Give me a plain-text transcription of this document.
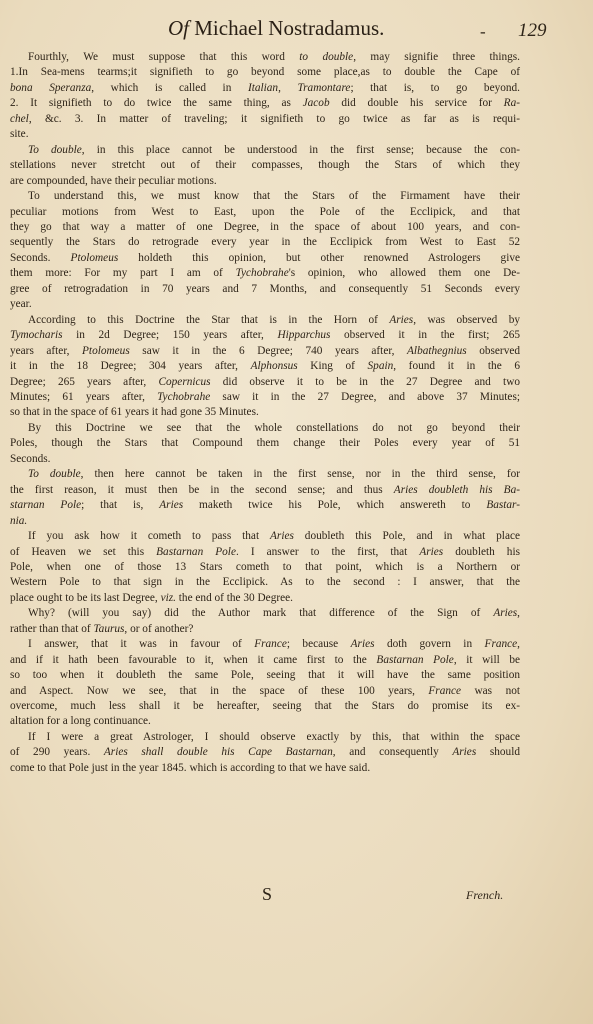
Of Michael Nostradamus.	- 129
Fourthly, We must suppose that this word to double, may signifie three things.
1.In Sea-mens tearms;it signifieth to go beyond some place,as to double the Cape of
bona Speranza, which is called in Italian, Tramontare; that is, to go beyond.
2. It signifieth to do twice the same thing, as Jacob did double his service for Ra-
chel, &c. 3. In matter of traveling; it signifieth to go twice as far as is requi-
site.
To double, in this place cannot be understood in the first sense; because the con-
stellations never stretcht out of their compasses, though the Stars of which they
are compounded, have their peculiar motions.
To understand this, we must know that the Stars of the Firmament have their
peculiar motions from West to East, upon the Pole of the Ecclipick, and that
they go that way a matter of one Degree, in the space of about 100 years, and con-
sequently the Stars do retrograde every year in the Ecclipick from West to East 52
Seconds. Ptolomeus holdeth this opinion, but other renowned Astrologers give
them more: For my part I am of Tychobrahe's opinion, who allowed them one De-
gree of retrogradation in 70 years and 7 Months, and consequently 51 Seconds every
year.
According to this Doctrine the Star that is in the Horn of Aries, was observed by
Tymocharis in 2d Degree; 150 years after, Hipparchus observed it in the first; 265
years after, Ptolomeus saw it in the 6 Degree; 740 years after, Albathegnius observed
it in the 18 Degree; 304 years after, Alphonsus King of Spain, found it in the 6
Degree; 265 years after, Copernicus did observe it to be in the 27 Degree and two
Minutes; 61 years after, Tychobrahe saw it in the 27 Degree, and above 37 Minutes;
so that in the space of 61 years it had gone 35 Minutes.
By this Doctrine we see that the whole constellations do not go beyond their
Poles, though the Stars that Compound them change their Poles every year of 51
Seconds.
To double, then here cannot be taken in the first sense, nor in the third sense, for
the first reason, it must then be in the second sense; and thus Aries doubleth his Ba-
starnan Pole; that is, Aries maketh twice his Pole, which answereth to Bastar-
nia.
If you ask how it cometh to pass that Aries doubleth this Pole, and in what place
of Heaven we set this Bastarnan Pole. I answer to the first, that Aries doubleth his
Pole, when one of those 13 Stars cometh to that point, which is a Northern or
Western Pole to that sign in the Ecclipick. As to the second : I answer, that the
place ought to be its last Degree, viz. the end of the 30 Degree.
Why? (will you say) did the Author mark that difference of the Sign of Aries,
rather than that of Taurus, or of another?
I answer, that it was in favour of France; because Aries doth govern in France,
and if it hath been favourable to it, when it came first to the Bastarnan Pole, it will be
so too when it doubleth the same Pole, seeing that it will have the same position
and Aspect. Now we see, that in the space of these 100 years, France was not
overcome, much less shall it be hereafter, seeing that the Stars do promise its ex-
altation for a long continuance.
If I were a great Astrologer, I should observe exactly by this, that within the space
of 290 years. Aries shall double his Cape Bastarnan, and consequently Aries should
come to that Pole just in the year 1845. which is according to that we have said.
S	French.
